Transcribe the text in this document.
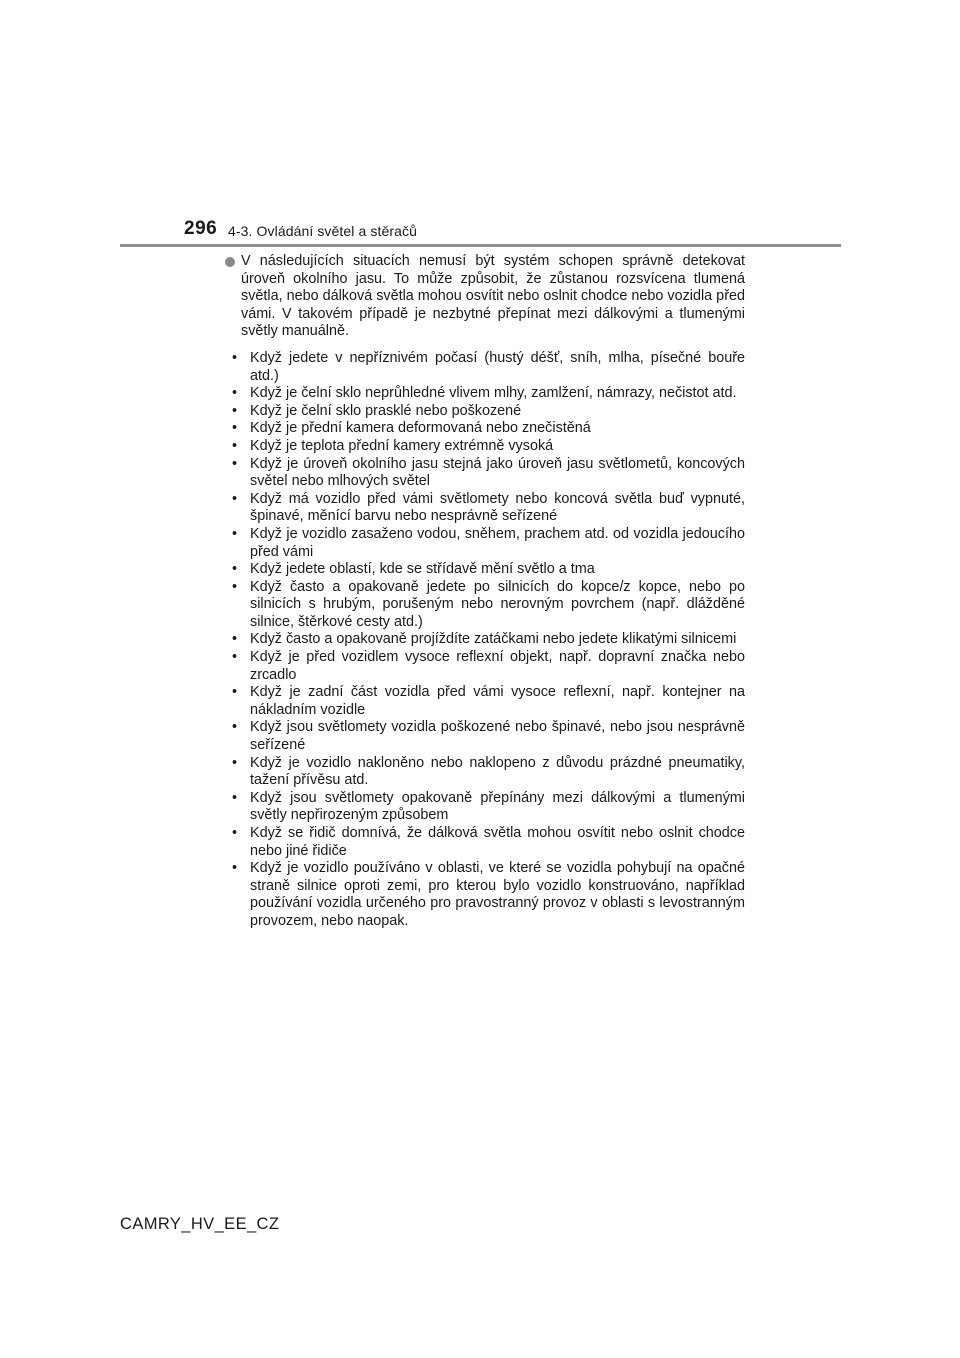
296 4-3. Ovládání světel a stěračů

V následujících situacích nemusí být systém schopen správně detekovat úroveň okolního jasu. To může způsobit, že zůstanou rozsvícena tlumená světla, nebo dálková světla mohou osvítit nebo oslnit chodce nebo vozidla před vámi. V takovém případě je nezbytné přepínat mezi dálkovými a tlumenými světly manuálně.

• Když jedete v nepříznivém počasí (hustý déšť, sníh, mlha, písečné bouře atd.)
• Když je čelní sklo neprůhledné vlivem mlhy, zamlžení, námrazy, nečistot atd.
• Když je čelní sklo prasklé nebo poškozené
• Když je přední kamera deformovaná nebo znečistěná
• Když je teplota přední kamery extrémně vysoká
• Když je úroveň okolního jasu stejná jako úroveň jasu světlometů, koncových světel nebo mlhových světel
• Když má vozidlo před vámi světlomety nebo koncová světla buď vypnuté, špinavé, měnící barvu nebo nesprávně seřízené
• Když je vozidlo zasaženo vodou, sněhem, prachem atd. od vozidla jedoucího před vámi
• Když jedete oblastí, kde se střídavě mění světlo a tma
• Když často a opakovaně jedete po silnicích do kopce/z kopce, nebo po silnicích s hrubým, porušeným nebo nerovným povrchem (např. dlážděné silnice, štěrkové cesty atd.)
• Když často a opakovaně projíždíte zatáčkami nebo jedete klikatými silnicemi
• Když je před vozidlem vysoce reflexní objekt, např. dopravní značka nebo zrcadlo
• Když je zadní část vozidla před vámi vysoce reflexní, např. kontejner na nákladním vozidle
• Když jsou světlomety vozidla poškozené nebo špinavé, nebo jsou nesprávně seřízené
• Když je vozidlo nakloněno nebo naklopeno z důvodu prázdné pneumatiky, tažení přívěsu atd.
• Když jsou světlomety opakovaně přepínány mezi dálkovými a tlumenými světly nepřirozeným způsobem
• Když se řidič domnívá, že dálková světla mohou osvítit nebo oslnit chodce nebo jiné řidiče
• Když je vozidlo používáno v oblasti, ve které se vozidla pohybují na opačné straně silnice oproti zemi, pro kterou bylo vozidlo konstruováno, například používání vozidla určeného pro pravostranný provoz v oblasti s levostranným provozem, nebo naopak.
CAMRY_HV_EE_CZ
